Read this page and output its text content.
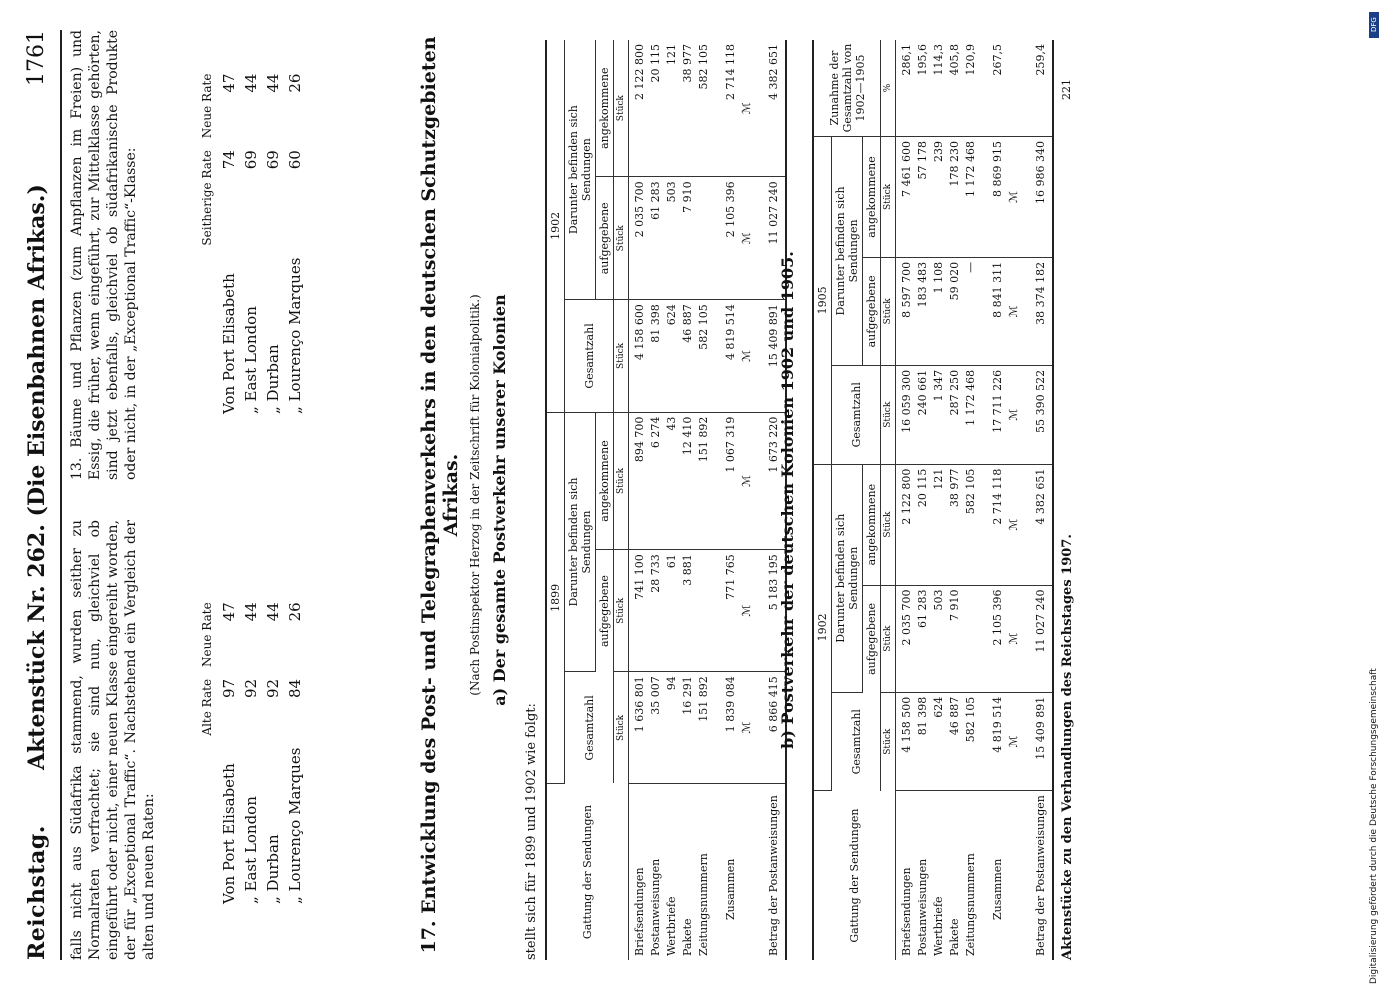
Reichstag.
Aktenstück Nr. 262. (Die Eisenbahnen Afrikas.)
1761
falls nicht aus Südafrika stammend, wurden seither zu Normalraten verfrachtet; sie sind nun, gleichviel ob eingeführt oder nicht, einer neuen Klasse eingereiht worden, der für „Exceptional Traffic“. Nachstehend ein Vergleich der alten und neuen Raten:
13. Bäume und Pflanzen (zum Anpflanzen im Freien) und Essig, die früher, wenn eingeführt, zur Mittelklasse gehörten, sind jetzt ebenfalls, gleichviel ob südafrikanische Produkte oder nicht, in der „Exceptional Traffic“-Klasse:
	Alte Rate	Neue Rate
Von Port Elisabeth	97	47
„ East London	92	44
„ Durban	92	44
„ Lourenço Marques	84	26
	Seitherige Rate	Neue Rate
Von Port Elisabeth	74	47
„ East London	69	44
„ Durban	69	44
„ Lourenço Marques	60	26	17. Entwicklung des Post- und Telegraphenverkehrs in den deutschen Schutzgebieten Afrikas. (Nach Postinspektor Herzog in der Zeitschrift für Kolonialpolitik.) a) Der gesamte Postverkehr unserer Kolonien
stellt sich für 1899 und 1902 wie folgt:	Gattung der Sendungen	1899			1902		
	Gesamtzahl	Darunter befinden sich
Sendungen		Gesamtzahl	Darunter befinden sich
Sendungen	
		aufgegebene	angekommene		aufgegebene	angekommene
	Stück	Stück	Stück	Stück	Stück	Stück
Briefsendungen	1 636 801	741 100	894 700	4 158 600	2 035 700	2 122 800
Postanweisungen	35 007	28 733	6 274	81 398	61 283	20 115
Wertbriefe	94	61	43	624	503	121
Pakete	16 291	3 881	12 410	46 887	7 910	38 977
Zeitungsnummern	151 892		151 892	582 105		582 105
Zusammen	1 839 084	771 765	1 067 319	4 819 514	2 105 396	2 714 118
	ℳ	ℳ	ℳ	ℳ	ℳ	ℳ
Betrag der Postanweisungen	6 866 415	5 183 195	1 673 220	15 409 891	11 027 240	4 382 651
b) Postverkehr der deutschen Kolonien 1902 und 1905.
Gattung der Sendungen	1902			1905			Zunahme der Gesamtzahl von 1902—1905
	Gesamtzahl	Darunter befinden sich
Sendungen		Gesamtzahl	Darunter befinden sich
Sendungen		
		aufgegebene	angekommene		aufgegebene	angekommene	
	Stück	Stück	Stück	Stück	Stück	Stück	%
Briefsendungen	4 158 500	2 035 700	2 122 800	16 059 300	8 597 700	7 461 600	286,1
Postanweisungen	81 398	61 283	20 115	240 661	183 483	57 178	195,6
Wertbriefe	624	503	121	1 347	1 108	239	114,3
Pakete	46 887	7 910	38 977	287 250	59 020	178 230	405,8
Zeitungsnummern	582 105		582 105	1 172 468	—	1 172 468	120,9
Zusammen	4 819 514	2 105 396	2 714 118	17 711 226	8 841 311	8 869 915	267,5
	ℳ	ℳ	ℳ	ℳ	ℳ	ℳ	
Betrag der Postanweisungen	15 409 891	11 027 240	4 382 651	55 390 522	38 374 182	16 986 340	259,4
Aktenstücke zu den Verhandlungen des Reichstages 1907.
221
DFG
Digitalisierung gefördert durch die Deutsche Forschungsgemeinschaft
